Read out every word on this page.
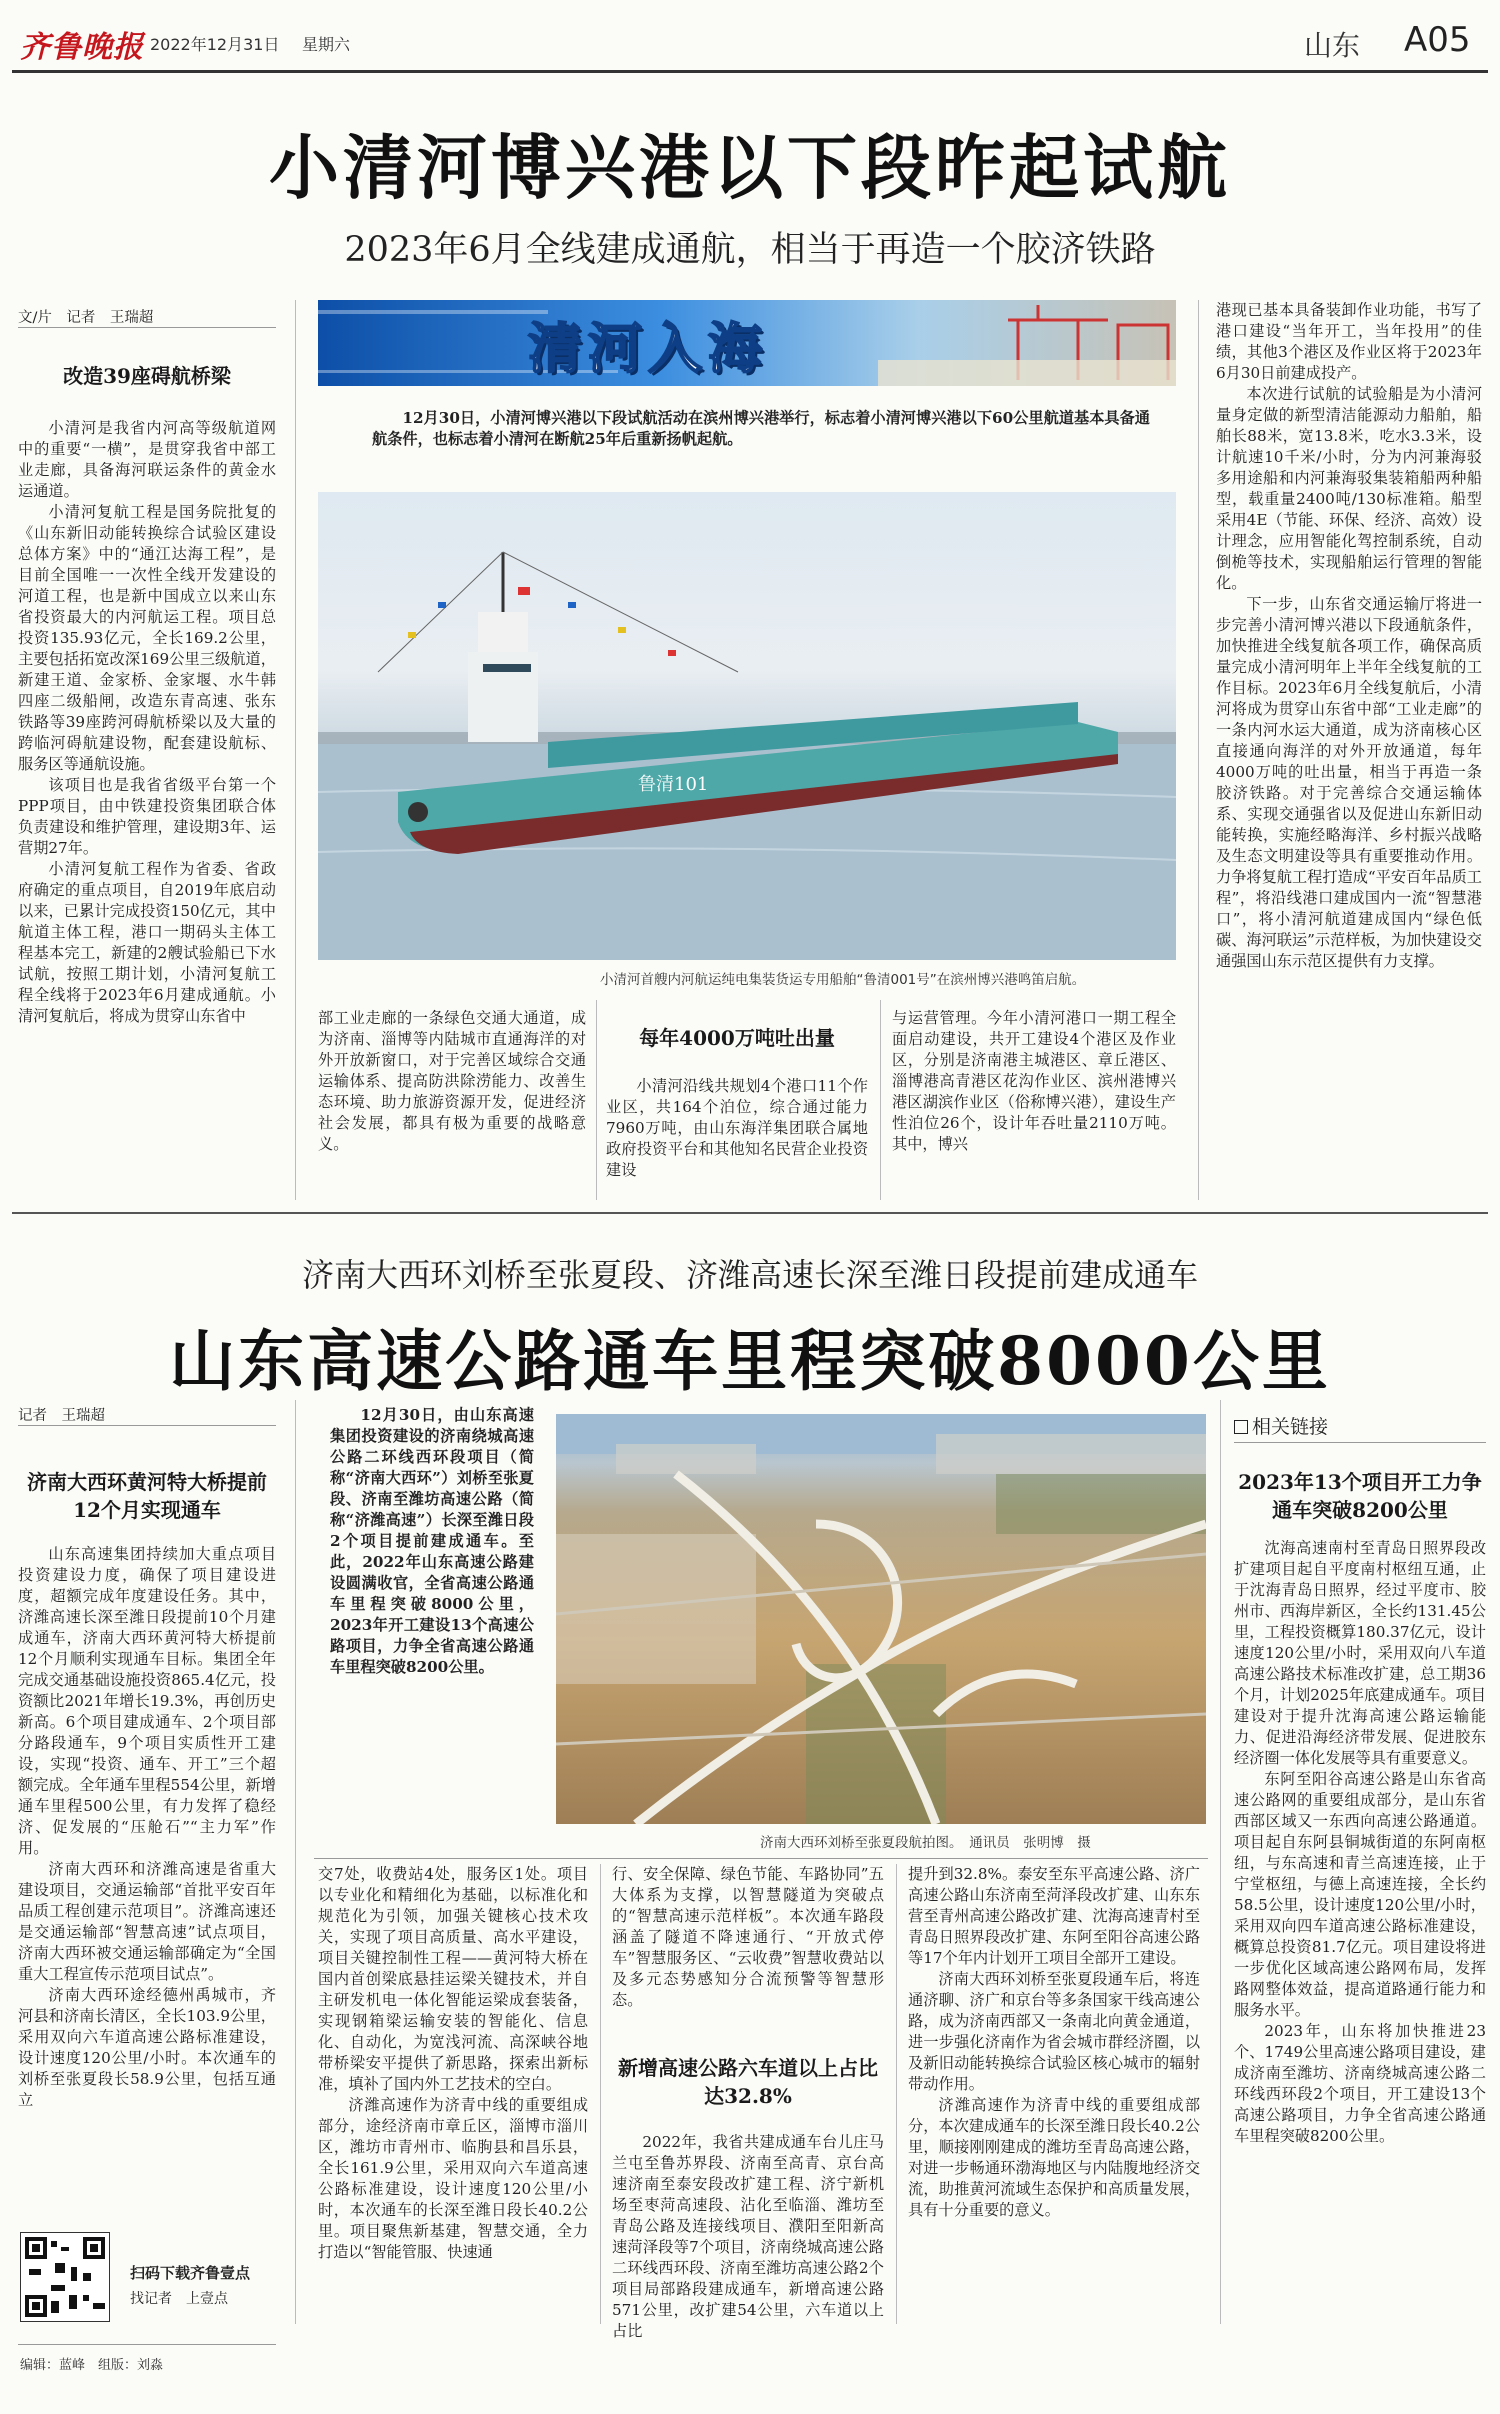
齐鲁晚报 2022年12月31日 星期六	山东 A05
小清河博兴港以下段昨起试航
2023年6月全线建成通航，相当于再造一个胶济铁路
文/片　记者　王瑞超
改造39座碍航桥梁

小清河是我省内河高等级航道网中的重要“一横”，是贯穿我省中部工业走廊，具备海河联运条件的黄金水运通道。

小清河复航工程是国务院批复的《山东新旧动能转换综合试验区建设总体方案》中的“通江达海工程”，是目前全国唯一一次性全线开发建设的河道工程，也是新中国成立以来山东省投资最大的内河航运工程。项目总投资135.93亿元，全长169.2公里，主要包括拓宽改深169公里三级航道，新建王道、金家桥、金家堰、水牛韩四座二级船闸，改造东青高速、张东铁路等39座跨河碍航桥梁以及大量的跨临河碍航建设物，配套建设航标、服务区等通航设施。

该项目也是我省省级平台第一个PPP项目，由中铁建投资集团联合体负责建设和维护管理，建设期3年、运营期27年。

小清河复航工程作为省委、省政府确定的重点项目，自2019年底启动以来，已累计完成投资150亿元，其中航道主体工程，港口一期码头主体工程基本完工，新建的2艘试验船已下水试航，按照工期计划，小清河复航工程全线将于2023年6月建成通航。小清河复航后，将成为贯穿山东省中

清河入海
12月30日，小清河博兴港以下段试航活动在滨州博兴港举行，标志着小清河博兴港以下60公里航道基本具备通航条件，也标志着小清河在断航25年后重新扬帆起航。
鲁清101
小清河首艘内河航运纯电集装货运专用船舶“鲁清001号”在滨州博兴港鸣笛启航。

部工业走廊的一条绿色交通大通道，成为济南、淄博等内陆城市直通海洋的对外开放新窗口，对于完善区域综合交通运输体系、提高防洪除涝能力、改善生态环境、助力旅游资源开发，促进经济社会发展，都具有极为重要的战略意义。

每年4000万吨吐出量

小清河沿线共规划4个港口11个作业区，共164个泊位，综合通过能力7960万吨，由山东海洋集团联合属地政府投资平台和其他知名民营企业投资建设

与运营管理。今年小清河港口一期工程全面启动建设，共开工建设4个港区及作业区，分别是济南港主城港区、章丘港区、淄博港高青港区花沟作业区、滨州港博兴港区湖滨作业区（俗称博兴港），建设生产性泊位26个，设计年吞吐量2110万吨。其中，博兴

港现已基本具备装卸作业功能，书写了港口建设“当年开工，当年投用”的佳绩，其他3个港区及作业区将于2023年6月30日前建成投产。

本次进行试航的试验船是为小清河量身定做的新型清洁能源动力船舶，船舶长88米，宽13.8米，吃水3.3米，设计航速10千米/小时，分为内河兼海驳多用途船和内河兼海驳集装箱船两种船型，载重量2400吨/130标准箱。船型采用4E（节能、环保、经济、高效）设计理念，应用智能化驾控制系统，自动倒桅等技术，实现船舶运行管理的智能化。

下一步，山东省交通运输厅将进一步完善小清河博兴港以下段通航条件，加快推进全线复航各项工作，确保高质量完成小清河明年上半年全线复航的工作目标。2023年6月全线复航后，小清河将成为贯穿山东省中部“工业走廊”的一条内河水运大通道，成为济南核心区直接通向海洋的对外开放通道，每年4000万吨的吐出量，相当于再造一条胶济铁路。对于完善综合交通运输体系、实现交通强省以及促进山东新旧动能转换，实施经略海洋、乡村振兴战略及生态文明建设等具有重要推动作用。力争将复航工程打造成“平安百年品质工程”，将沿线港口建成国内一流“智慧港口”，将小清河航道建成国内“绿色低碳、海河联运”示范样板，为加快建设交通强国山东示范区提供有力支撑。

济南大西环刘桥至张夏段、济潍高速长深至潍日段提前建成通车
山东高速公路通车里程突破8000公里
记者　王瑞超
济南大西环黄河特大桥提前12个月实现通车

山东高速集团持续加大重点项目投资建设力度，确保了项目建设进度，超额完成年度建设任务。其中，济潍高速长深至潍日段提前10个月建成通车，济南大西环黄河特大桥提前12个月顺利实现通车目标。集团全年完成交通基础设施投资865.4亿元，投资额比2021年增长19.3%，再创历史新高。6个项目建成通车、2个项目部分路段通车，9个项目实质性开工建设，实现“投资、通车、开工”三个超额完成。全年通车里程554公里，新增通车里程500公里，有力发挥了稳经济、促发展的“压舱石”“主力军”作用。

济南大西环和济潍高速是省重大建设项目，交通运输部“首批平安百年品质工程创建示范项目”。济潍高速还是交通运输部“智慧高速”试点项目，济南大西环被交通运输部确定为“全国重大工程宣传示范项目试点”。

济南大西环途经德州禹城市，齐河县和济南长清区，全长103.9公里，采用双向六车道高速公路标准建设，设计速度120公里/小时。本次通车的刘桥至张夏段长58.9公里，包括互通立

12月30日，由山东高速集团投资建设的济南绕城高速公路二环线西环段项目（简称“济南大西环”）刘桥至张夏段、济南至潍坊高速公路（简称“济潍高速”）长深至潍日段2个项目提前建成通车。至此，2022年山东高速公路建设圆满收官，全省高速公路通车里程突破8000公里，2023年开工建设13个高速公路项目，力争全省高速公路通车里程突破8200公里。
济南大西环刘桥至张夏段航拍图。　通讯员　张明博　摄

交7处，收费站4处，服务区1处。项目以专业化和精细化为基础，以标准化和规范化为引领，加强关键核心技术攻关，实现了项目高质量、高水平建设，项目关键控制性工程——黄河特大桥在国内首创梁底悬挂运梁关键技术，并自主研发机电一体化智能运梁成套装备，实现钢箱梁运输安装的智能化、信息化、自动化，为宽浅河流、高深峡谷地带桥梁安平提供了新思路，探索出新标准，填补了国内外工艺技术的空白。

济潍高速作为济青中线的重要组成部分，途经济南市章丘区，淄博市淄川区，潍坊市青州市、临朐县和昌乐县，全长161.9公里，采用双向六车道高速公路标准建设，设计速度120公里/小时，本次通车的长深至潍日段长40.2公里。项目聚焦新基建，智慧交通，全力打造以“智能管服、快速通

行、安全保障、绿色节能、车路协同”五大体系为支撑，以智慧隧道为突破点的“智慧高速示范样板”。本次通车路段涵盖了隧道不降速通行、“开放式停车”智慧服务区、“云收费”智慧收费站以及多元态势感知分合流预警等智慧形态。

新增高速公路六车道以上占比达32.8%

2022年，我省共建成通车台儿庄马兰屯至鲁苏界段、济南至高青、京台高速济南至泰安段改扩建工程、济宁新机场至枣菏高速段、沾化至临淄、潍坊至青岛公路及连接线项目、濮阳至阳新高速菏泽段等7个项目，济南绕城高速公路二环线西环段、济南至潍坊高速公路2个项目局部路段建成通车，新增高速公路571公里，改扩建54公里，六车道以上占比

提升到32.8%。泰安至东平高速公路、济广高速公路山东济南至菏泽段改扩建、山东东营至青州高速公路改扩建、沈海高速青村至青岛日照界段改扩建、东阿至阳谷高速公路等17个年内计划开工项目全部开工建设。

济南大西环刘桥至张夏段通车后，将连通济聊、济广和京台等多条国家干线高速公路，成为济南西部又一条南北向黄金通道，进一步强化济南作为省会城市群经济圈，以及新旧动能转换综合试验区核心城市的辐射带动作用。

济潍高速作为济青中线的重要组成部分，本次建成通车的长深至潍日段长40.2公里，顺接刚刚建成的潍坊至青岛高速公路，对进一步畅通环渤海地区与内陆腹地经济交流，助推黄河流域生态保护和高质量发展，具有十分重要的意义。

相关链接
2023年13个项目开工力争通车突破8200公里

沈海高速南村至青岛日照界段改扩建项目起自平度南村枢纽互通，止于沈海青岛日照界，经过平度市、胶州市、西海岸新区，全长约131.45公里，工程投资概算180.37亿元，设计速度120公里/小时，采用双向八车道高速公路技术标准改扩建，总工期36个月，计划2025年底建成通车。项目建设对于提升沈海高速公路运输能力、促进沿海经济带发展、促进胶东经济圈一体化发展等具有重要意义。

东阿至阳谷高速公路是山东省高速公路网的重要组成部分，是山东省西部区域又一东西向高速公路通道。项目起自东阿县铜城街道的东阿南枢纽，与东高速和青兰高速连接，止于宁堂枢纽，与德上高速连接，全长约58.5公里，设计速度120公里/小时，采用双向四车道高速公路标准建设，概算总投资81.7亿元。项目建设将进一步优化区域高速公路网布局，发挥路网整体效益，提高道路通行能力和服务水平。

2023年，山东将加快推进23个、1749公里高速公路项目建设，建成济南至潍坊、济南绕城高速公路二环线西环段2个项目，开工建设13个高速公路项目，力争全省高速公路通车里程突破8200公里。

扫码下载齐鲁壹点
找记者　上壹点
编辑：蓝峰　组版：刘淼
